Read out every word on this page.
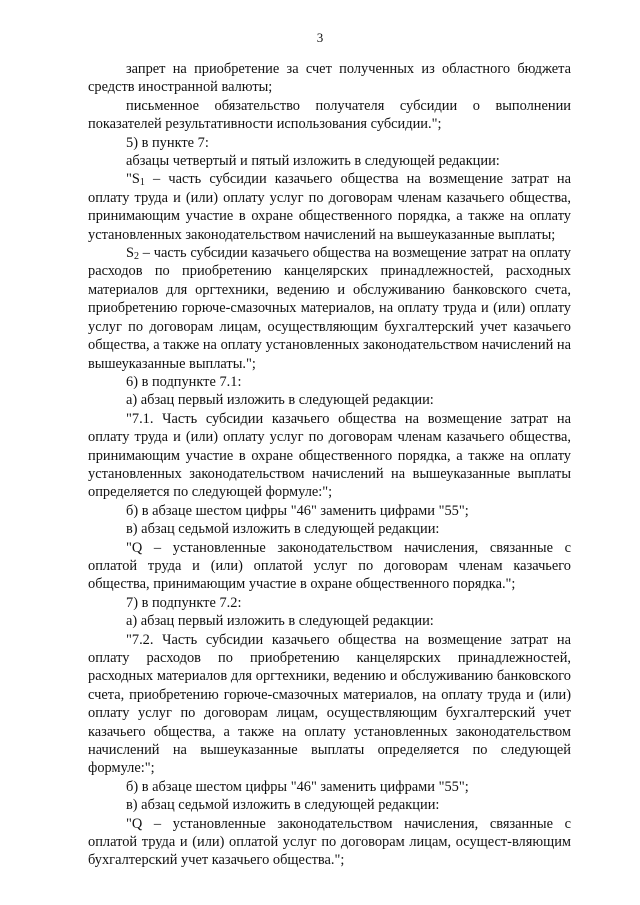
3

запрет на приобретение за счет полученных из областного бюджета средств иностранной валюты;

письменное обязательство получателя субсидии о выполнении показателей результативности использования субсидии.";

5) в пункте 7:

абзацы четвертый и пятый изложить в следующей редакции:

"$S_1$ – часть субсидии казачьего общества на возмещение затрат на оплату труда и (или) оплату услуг по договорам членам казачьего общества, принимающим участие в охране общественного порядка, а также на оплату установленных законодательством начислений на вышеуказанные выплаты;

$S_2$ – часть субсидии казачьего общества на возмещение затрат на оплату расходов по приобретению канцелярских принадлежностей, расходных материалов для оргтехники, ведению и обслуживанию банковского счета, приобретению горюче-смазочных материалов, на оплату труда и (или) оплату услуг по договорам лицам, осуществляющим бухгалтерский учет казачьего общества, а также на оплату установленных законодательством начислений на вышеуказанные выплаты.";

6) в подпункте 7.1:

а) абзац первый изложить в следующей редакции:

"7.1. Часть субсидии казачьего общества на возмещение затрат на оплату труда и (или) оплату услуг по договорам членам казачьего общества, принимающим участие в охране общественного порядка, а также на оплату установленных законодательством начислений на вышеуказанные выплаты определяется по следующей формуле:";

б) в абзаце шестом цифры "46" заменить цифрами "55";

в) абзац седьмой изложить в следующей редакции:

"Q – установленные законодательством начисления, связанные с оплатой труда и (или) оплатой услуг по договорам членам казачьего общества, принимающим участие в охране общественного порядка.";

7) в подпункте 7.2:

а) абзац первый изложить в следующей редакции:

"7.2. Часть субсидии казачьего общества на возмещение затрат на оплату расходов по приобретению канцелярских принадлежностей, расходных материалов для оргтехники, ведению и обслуживанию банковского счета, приобретению горюче-смазочных материалов, на оплату труда и (или) оплату услуг по договорам лицам, осуществляющим бухгалтерский учет казачьего общества, а также на оплату установленных законодательством начислений на вышеуказанные выплаты определяется по следующей формуле:";

б) в абзаце шестом цифры "46" заменить цифрами "55";

в) абзац седьмой изложить в следующей редакции:

"Q – установленные законодательством начисления, связанные с оплатой труда и (или) оплатой услуг по договорам лицам, осущест-вляющим бухгалтерский учет казачьего общества.";
